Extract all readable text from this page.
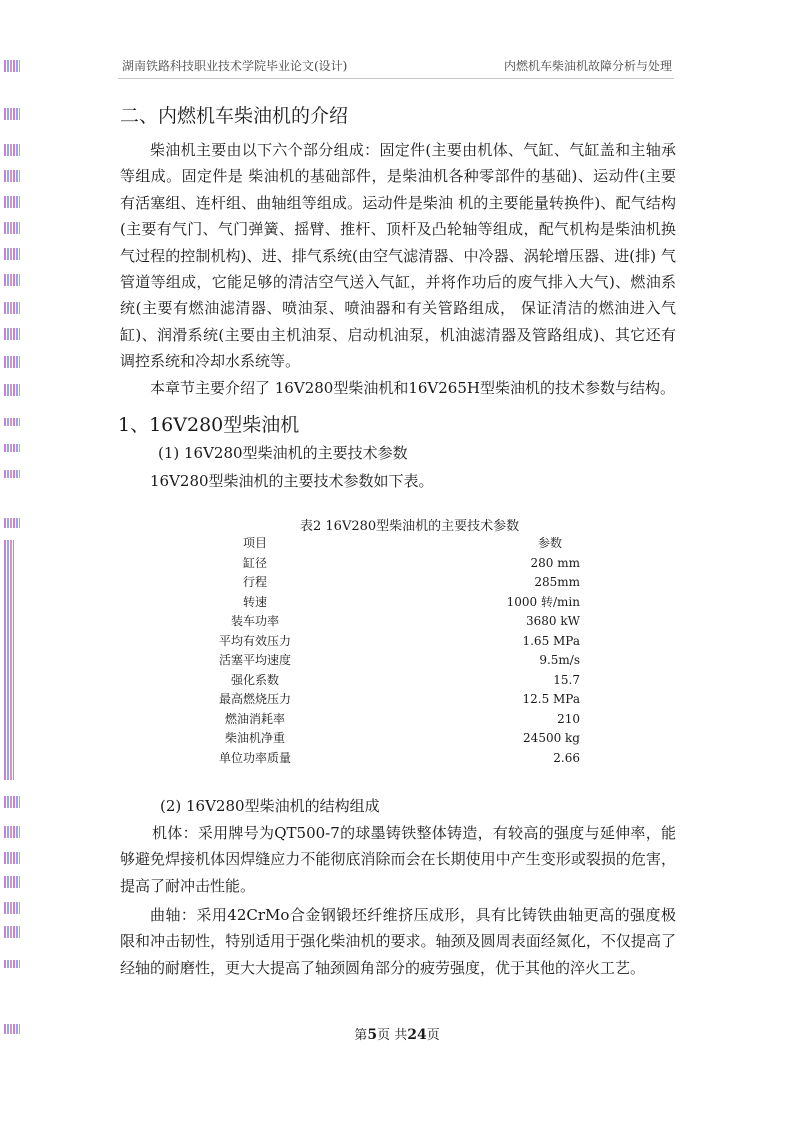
湖南铁路科技职业技术学院毕业论文(设计)	内燃机车柴油机故障分析与处理
二、内燃机车柴油机的介绍
柴油机主要由以下六个部分组成：固定件(主要由机体、气缸、气缸盖和主轴承等组成。固定件是 柴油机的基础部件，是柴油机各种零部件的基础)、运动件(主要有活塞组、连杆组、曲轴组等组成。运动件是柴油 机的主要能量转换件)、配气结构(主要有气门、气门弹簧、摇臂、推杆、顶杆及凸轮轴等组成，配气机构是柴油机换气过程的控制机构)、进、排气系统(由空气滤清器、中冷器、涡轮增压器、进(排) 气管道等组成，它能足够的清洁空气送入气缸，并将作功后的废气排入大气)、燃油系统(主要有燃油滤清器、喷油泵、喷油器和有关管路组成， 保证清洁的燃油进入气缸)、润滑系统(主要由主机油泵、启动机油泵，机油滤清器及管路组成)、其它还有调控系统和冷却水系统等。
本章节主要介绍了 16V280型柴油机和16V265H型柴油机的技术参数与结构。
1、16V280型柴油机
(1) 16V280型柴油机的主要技术参数
16V280型柴油机的主要技术参数如下表。
表2 16V280型柴油机的主要技术参数
项目	参数
缸径	280 mm
行程	285mm
转速	1000 转/min
装车功率	3680 kW
平均有效压力	1.65 MPa
活塞平均速度	9.5m/s
强化系数	15.7
最高燃烧压力	12.5 MPa
燃油消耗率	210
柴油机净重	24500 kg
单位功率质量	2.66
(2) 16V280型柴油机的结构组成
机体：采用牌号为QT500-7的球墨铸铁整体铸造，有较高的强度与延伸率，能够避免焊接机体因焊缝应力不能彻底消除而会在长期使用中产生变形或裂损的危害，提高了耐冲击性能。
曲轴：采用42CrMo合金钢锻坯纤维挤压成形，具有比铸铁曲轴更高的强度极限和冲击韧性，特别适用于强化柴油机的要求。轴颈及圆周表面经氮化，不仅提高了经轴的耐磨性，更大大提高了轴颈圆角部分的疲劳强度，优于其他的淬火工艺。
第5页 共24页
